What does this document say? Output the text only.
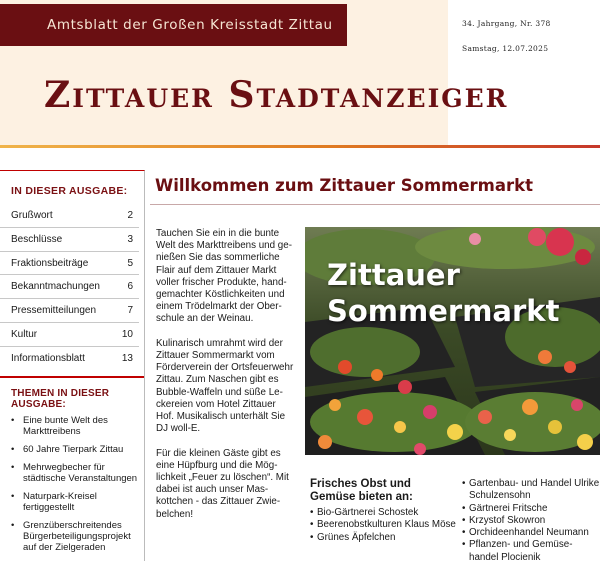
Amtsblatt der Großen Kreisstadt Zittau	34. Jahrgang, Nr. 378
Samstag, 12.07.2025
Zittauer Stadtanzeiger
IN DIESER AUSGABE:
Grußwort	2
Beschlüsse	3
Fraktionsbeiträge	5
Bekanntmachungen	6
Pressemitteilungen	7
Kultur	10
Informationsblatt	13
THEMEN IN DIESER AUSGABE:
• Eine bunte Welt des Markttreibens
• 60 Jahre Tierpark Zittau
• Mehrwegbecher für städtische Veranstaltungen
• Naturpark-Kreisel fertiggestellt
• Grenzüberschreitendes Bürgerbeteiligungsprojekt auf der Zielgeraden
Willkommen zum Zittauer Sommermarkt

Tauchen Sie ein in die bunte Welt des Markttreibens und ge-nießen Sie das sommerliche Flair auf dem Zittauer Markt voller frischer Produkte, hand-gemachter Köstlichkeiten und einem Trödelmarkt der Ober-schule an der Weinau.

Kulinarisch umrahmt wird der Zittauer Sommermarkt vom Förderverein der Ortsfeuerwehr Zittau. Zum Naschen gibt es Bubble-Waffeln und süße Le-ckereien vom Hotel Zittauer Hof. Musikalisch unterhält Sie DJ woll-E.

Für die kleinen Gäste gibt es eine Hüpfburg und die Mög-lichkeit „Feuer zu löschen“. Mit dabei ist auch unser Mas-kottchen - das Zittauer Zwie-belchen!

Zittauer
Sommermarkt
Frisches Obst und Gemüse bieten an:
• Bio-Gärtnerei Schostek
• Beerenobstkulturen Klaus Möse
• Grünes Äpfelchen
• Gartenbau- und Handel Ulrike Schulzensohn
• Gärtnerei Fritsche
• Krzystof Skowron
• Orchideenhandel Neumann
• Pflanzen- und Gemüse-handel Plocienik
